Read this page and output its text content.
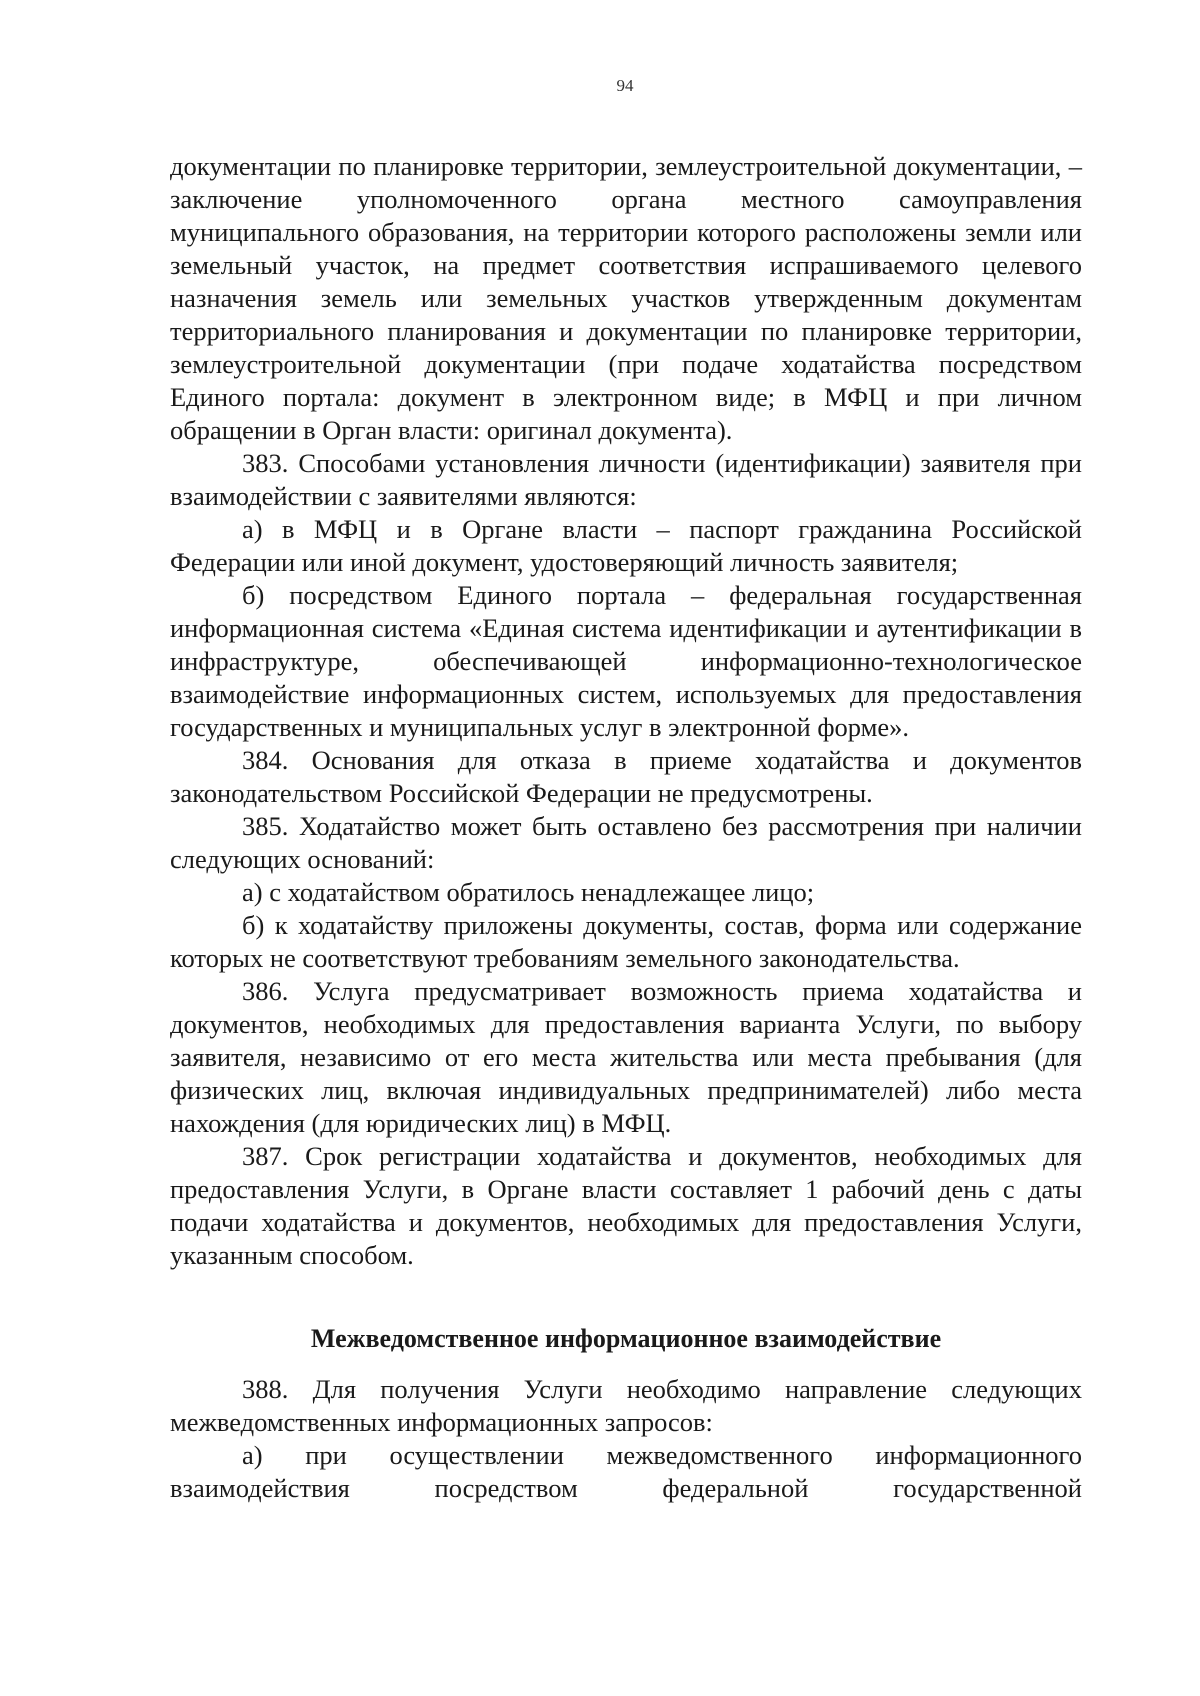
94

документации по планировке территории, землеустроительной документации, – заключение уполномоченного органа местного самоуправления муниципального образования, на территории которого расположены земли или земельный участок, на предмет соответствия испрашиваемого целевого назначения земель или земельных участков утвержденным документам территориального планирования и документации по планировке территории, землеустроительной документации (при подаче ходатайства посредством Единого портала: документ в электронном виде; в МФЦ и при личном обращении в Орган власти: оригинал документа).

383. Способами установления личности (идентификации) заявителя при взаимодействии с заявителями являются:

а) в МФЦ и в Органе власти – паспорт гражданина Российской Федерации или иной документ, удостоверяющий личность заявителя;

б) посредством Единого портала – федеральная государственная информационная система «Единая система идентификации и аутентификации в инфраструктуре, обеспечивающей информационно-технологическое взаимодействие информационных систем, используемых для предоставления государственных и муниципальных услуг в электронной форме».

384. Основания для отказа в приеме ходатайства и документов законодательством Российской Федерации не предусмотрены.

385. Ходатайство может быть оставлено без рассмотрения при наличии следующих оснований:

а) с ходатайством обратилось ненадлежащее лицо;

б) к ходатайству приложены документы, состав, форма или содержание которых не соответствуют требованиям земельного законодательства.

386. Услуга предусматривает возможность приема ходатайства и документов, необходимых для предоставления варианта Услуги, по выбору заявителя, независимо от его места жительства или места пребывания (для физических лиц, включая индивидуальных предпринимателей) либо места нахождения (для юридических лиц) в МФЦ.

387. Срок регистрации ходатайства и документов, необходимых для предоставления Услуги, в Органе власти составляет 1 рабочий день с даты подачи ходатайства и документов, необходимых для предоставления Услуги, указанным способом.

Межведомственное информационное взаимодействие

388. Для получения Услуги необходимо направление следующих межведомственных информационных запросов:

а) при осуществлении межведомственного информационного взаимодействия посредством федеральной государственной
